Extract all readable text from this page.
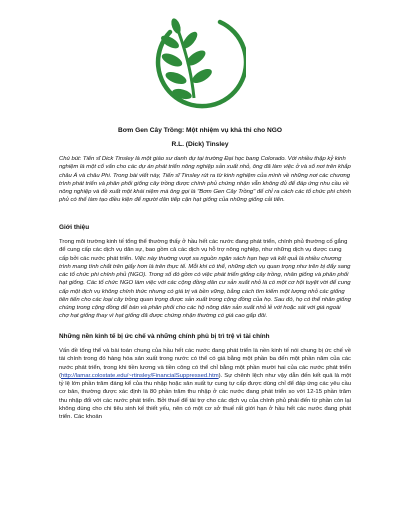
Bơm Gen Cây Trồng: Một nhiệm vụ khả thi cho NGO
R.L. (Dick) Tinsley
Chú bút: Tiến sĩ Dick Tinsley là một giáo sư danh dự tại trường Đại học bang Colorado. Với nhiều thập kỷ kinh nghiệm là một cố vấn cho các dự án phát triển nông nghiệp sản xuất nhỏ, ông đã làm việc ở và số nơi trên khắp châu Á và châu Phi. Trong bài viết này, Tiến sĩ Tinsley rút ra từ kinh nghiệm của mình về những nơi các chương trình phát triển và phân phối giống cây trồng được chính phủ chứng nhận vẫn không đủ để đáp ứng nhu cầu về nông nghiệp và đề xuất một khái niệm mà ông gọi là "Bơm Gen Cây Trồng" để chỉ ra cách các tổ chức phi chính phủ có thể làm tạo điều kiện để người dân tiếp cận hạt giống của những giống cải tiến.
Giới thiệu

Trong môi trường kinh tế tổng thể thường thấy ở hầu hết các nước đang phát triển, chính phủ thường cố gắng để cung cấp các dịch vụ dân sự, bao gồm cả các dịch vụ hỗ trợ nông nghiệp, như những dịch vụ được cung cấp bởi các nước phát triển. Việc này thường vượt xa nguồn ngân sách hạn hẹp và kết quả là nhiều chương trình mang tính chất trên giấy hơn là trên thực tế. Mỗi khi có thể, những dịch vụ quan trọng như trên bị đẩy sang các tổ chức phi chính phủ (NGO). Trong số đó gồm có việc phát triển giống cây trồng, nhân giống và phân phối hạt giống. Các tổ chức NGO làm việc với các cộng đồng dân cư sản xuất nhỏ là có một cơ hội tuyệt vời để cung cấp một dịch vụ không chính thức nhưng có giá trị và bền vững, bằng cách tìm kiếm một lượng nhỏ các giống tiên tiến cho các loại cây trồng quan trọng được sản xuất trong cộng đồng của họ. Sau đó, họ có thể nhân giống chúng trong cộng đồng để bán và phân phối cho các hộ nông dân sản xuất nhỏ lẻ với hoặc sát với giá ngoài chợ hạt giống thay vì hạt giống đã được chứng nhận thường có giá cao gấp đôi.

Những nền kinh tế bị ức chế và những chính phủ bị trì trệ vì tài chính

Vấn đề tổng thể và bài toán chung của hầu hết các nước đang phát triển là nền kinh tế nói chung bị ức chế về tài chính trong đó hàng hóa sản xuất trong nước có thể có giá bằng một phần ba đến một phần năm của các nước phát triển, trong khi tiền lương và tiền công có thể chỉ bằng một phần mười hai của các nước phát triển (http://lamar.colostate.edu/~rtinsley/FinancialSuppressed.htm). Sự chênh lệch như vậy dẫn đến kết quả là một tỷ lệ lớn phần trăm đáng kể của thu nhập hoặc sản xuất tự cung tự cấp được dùng chỉ để đáp ứng các yêu cầu cơ bản, thường được xác định là 80 phần trăm thu nhập ở các nước đang phát triển so với 12-15 phần trăm thu nhập đối với các nước phát triển. Bởi thuế để tài trợ cho các dịch vụ của chính phủ phải đến từ phần còn lại không dùng cho chi tiêu sinh kế thiết yếu, nên có một cơ sở thuế rất giới hạn ở hầu hết các nước đang phát triển. Các khoản
